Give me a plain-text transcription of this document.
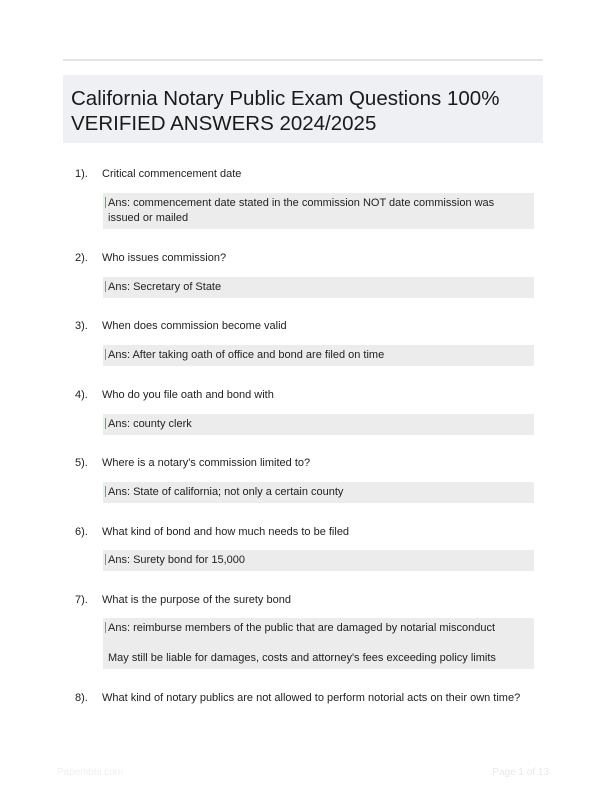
California Notary Public Exam Questions 100% VERIFIED ANSWERS 2024/2025
1). Critical commencement date
Ans: commencement date stated in the commission NOT date commission was issued or mailed
2). Who issues commission?
Ans: Secretary of State
3). When does commission become valid
Ans: After taking oath of office and bond are filed on time
4). Who do you file oath and bond with
Ans: county clerk
5). Where is a notary's commission limited to?
Ans: State of california; not only a certain county
6). What kind of bond and how much needs to be filed
Ans: Surety bond for 15,000
7). What is the purpose of the surety bond
Ans: reimburse members of the public that are damaged by notarial misconduct
May still be liable for damages, costs and attorney's fees exceeding policy limits
8). What kind of notary publics are not allowed to perform notorial acts on their own time?
Paperlibbi.com	Page 1 of 13
